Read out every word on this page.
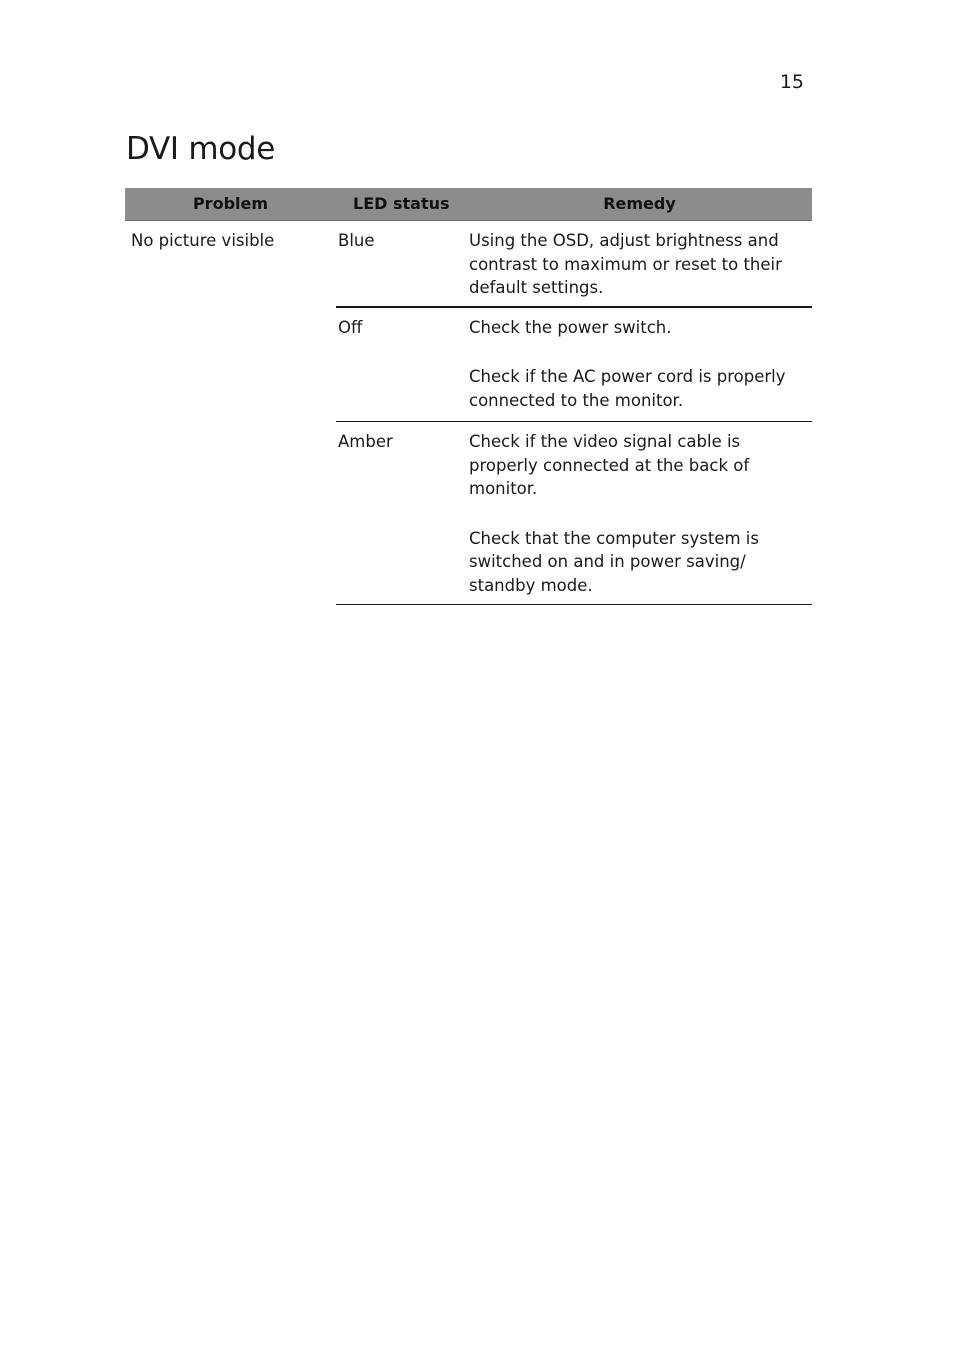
15
DVI mode
Problem	LED status	Remedy
No picture visible	Blue	Using the OSD, adjust brightness and contrast to maximum or reset to their default settings.

	Off	Check the power switch.

Check if the AC power cord is properly connected to the monitor.

	Amber	Check if the video signal cable is properly connected at the back of monitor.

Check that the computer system is switched on and in power saving/ standby mode.
